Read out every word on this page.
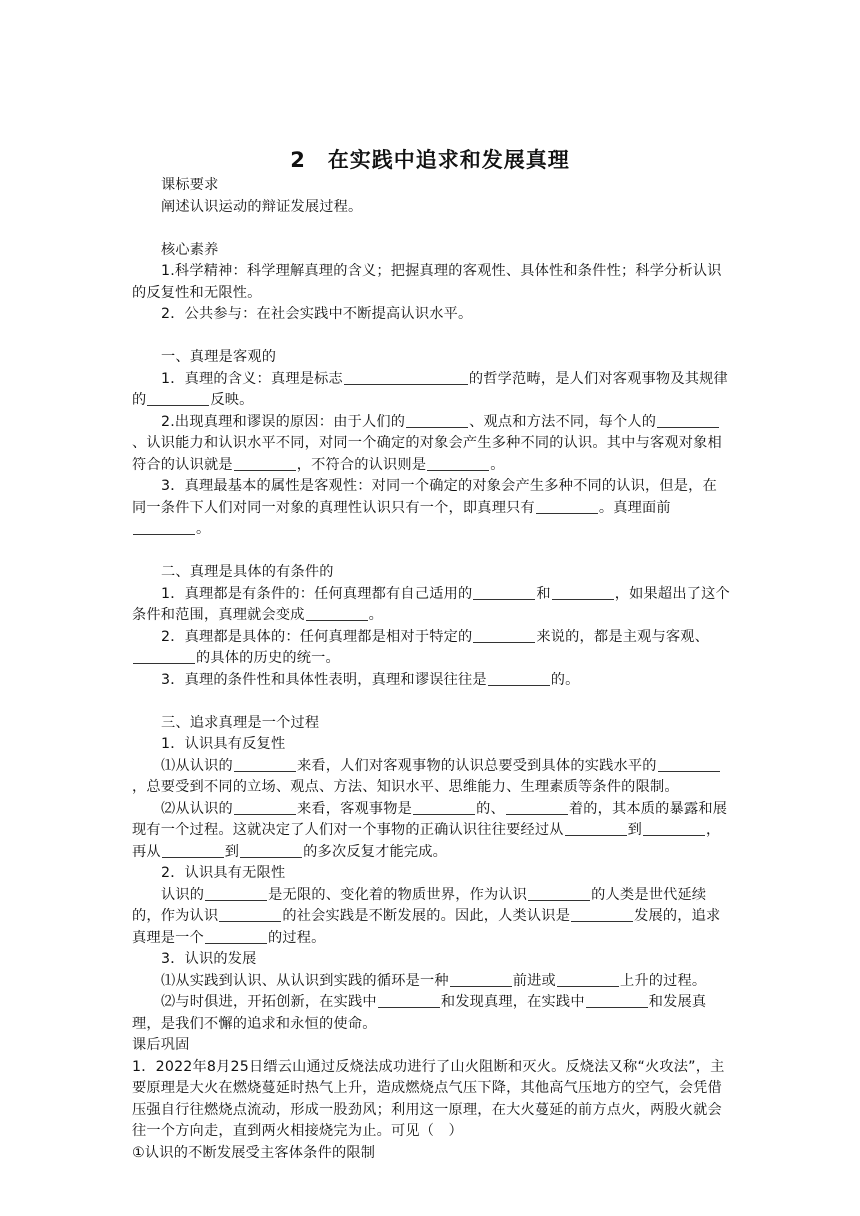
2　在实践中追求和发展真理

课标要求

阐述认识运动的辩证发展过程。

核心素养

1.科学精神：科学理解真理的含义；把握真理的客观性、具体性和条件性；科学分析认识的反复性和无限性。

2．公共参与：在社会实践中不断提高认识水平。

一、真理是客观的

1．真理的含义：真理是标志	的哲学范畴，是人们对客观事物及其规律的	反映。

2.出现真理和谬误的原因：由于人们的	、观点和方法不同，每个人的、认识能力和认识水平不同，对同一个确定的对象会产生多种不同的认识。其中与客观对象相符合的认识就是	，不符合的认识则是	。

3．真理最基本的属性是客观性：对同一个确定的对象会产生多种不同的认识，但是，在同一条件下人们对同一对象的真理性认识只有一个，即真理只有	。真理面前。

二、真理是具体的有条件的

1．真理都是有条件的：任何真理都有自己适用的	和	，如果超出了这个条件和范围，真理就会变成	。

2．真理都是具体的：任何真理都是相对于特定的	来说的，都是主观与客观、的具体的历史的统一。

3．真理的条件性和具体性表明，真理和谬误往往是	的。

三、追求真理是一个过程

1．认识具有反复性

⑴从认识的	来看，人们对客观事物的认识总要受到具体的实践水平的，总要受到不同的立场、观点、方法、知识水平、思维能力、生理素质等条件的限制。

⑵从认识的	来看，客观事物是	的、	着的，其本质的暴露和展现有一个过程。这就决定了人们对一个事物的正确认识往往要经过从	到	，再从	到	的多次反复才能完成。

2．认识具有无限性

认识的	是无限的、变化着的物质世界，作为认识	的人类是世代延续的，作为认识	的社会实践是不断发展的。因此，人类认识是	发展的，追求真理是一个	的过程。

3．认识的发展

⑴从实践到认识、从认识到实践的循环是一种	前进或	上升的过程。

⑵与时俱进，开拓创新，在实践中	和发现真理，在实践中	和发展真理，是我们不懈的追求和永恒的使命。

课后巩固

1．2022年8月25日缙云山通过反烧法成功进行了山火阻断和灭火。反烧法又称“火攻法”，主要原理是大火在燃烧蔓延时热气上升，造成燃烧点气压下降，其他高气压地方的空气，会凭借压强自行往燃烧点流动，形成一股劲风；利用这一原理，在大火蔓延的前方点火，两股火就会往一个方向走，直到两火相接烧完为止。可见（　）

①认识的不断发展受主客体条件的限制
